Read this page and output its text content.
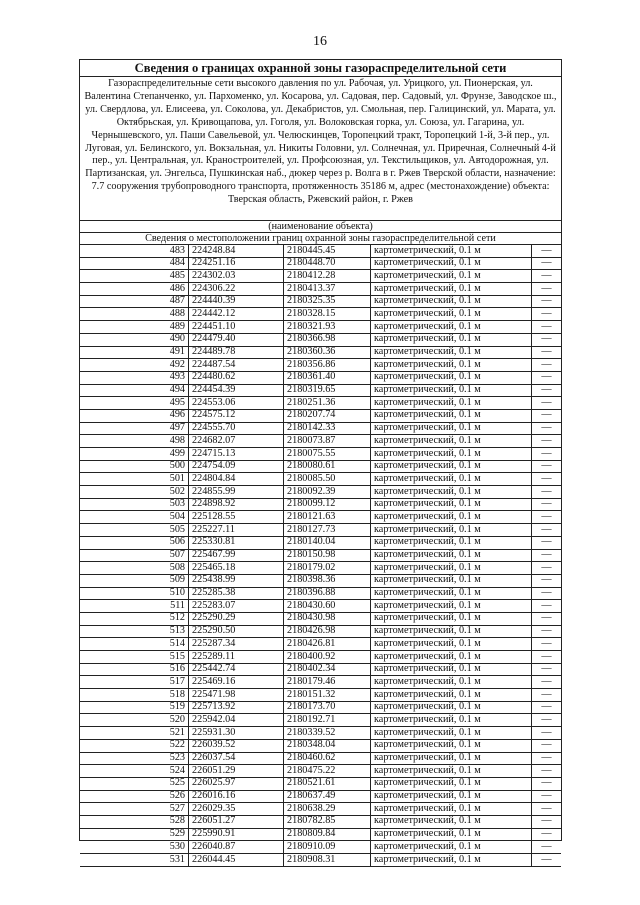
16
Сведения о границах охранной зоны газораспределительной сети
Газораспределительные сети высокого давления по ул. Рабочая, ул. Урицкого, ул. Пионерская, ул. Валентина Степанченко, ул. Пархоменко, ул. Косарова, ул. Садовая, пер. Садовый, ул. Фрунзе, Заводское ш., ул. Свердлова, ул. Елисеева, ул. Соколова, ул. Декабристов, ул. Смольная, пер. Галицинский, ул. Марата, ул. Октябрьская, ул. Кривощапова, ул. Гоголя, ул. Волоковская горка, ул. Союза, ул. Гагарина, ул. Чернышевского, ул. Паши Савельевой, ул. Челюскинцев, Торопецкий тракт, Торопецкий 1-й, 3-й пер., ул. Луговая, ул. Белинского, ул. Вокзальная, ул. Никиты Головни, ул. Солнечная, ул. Приречная, Солнечный 4-й пер., ул. Центральная, ул. Краностроителей, ул. Профсоюзная, ул. Текстильщиков, ул. Автодорожная, ул. Партизанская, ул. Энгельса, Пушкинская наб., дюкер через р. Волга в г. Ржев Тверской области, назначение: 7.7 сооружения трубопроводного транспорта, протяженность 35186 м, адрес (местонахождение) объекта: Тверская область, Ржевский район, г. Ржев
(наименование объекта)
Сведения о местоположении границ охранной зоны газораспределительной сети
483	224248.84	2180445.45	картометрический, 0.1 м	—
484	224251.16	2180448.70	картометрический, 0.1 м	—
485	224302.03	2180412.28	картометрический, 0.1 м	—
486	224306.22	2180413.37	картометрический, 0.1 м	—
487	224440.39	2180325.35	картометрический, 0.1 м	—
488	224442.12	2180328.15	картометрический, 0.1 м	—
489	224451.10	2180321.93	картометрический, 0.1 м	—
490	224479.40	2180366.98	картометрический, 0.1 м	—
491	224489.78	2180360.36	картометрический, 0.1 м	—
492	224487.54	2180356.86	картометрический, 0.1 м	—
493	224480.62	2180361.40	картометрический, 0.1 м	—
494	224454.39	2180319.65	картометрический, 0.1 м	—
495	224553.06	2180251.36	картометрический, 0.1 м	—
496	224575.12	2180207.74	картометрический, 0.1 м	—
497	224555.70	2180142.33	картометрический, 0.1 м	—
498	224682.07	2180073.87	картометрический, 0.1 м	—
499	224715.13	2180075.55	картометрический, 0.1 м	—
500	224754.09	2180080.61	картометрический, 0.1 м	—
501	224804.84	2180085.50	картометрический, 0.1 м	—
502	224855.99	2180092.39	картометрический, 0.1 м	—
503	224898.92	2180099.12	картометрический, 0.1 м	—
504	225128.55	2180121.63	картометрический, 0.1 м	—
505	225227.11	2180127.73	картометрический, 0.1 м	—
506	225330.81	2180140.04	картометрический, 0.1 м	—
507	225467.99	2180150.98	картометрический, 0.1 м	—
508	225465.18	2180179.02	картометрический, 0.1 м	—
509	225438.99	2180398.36	картометрический, 0.1 м	—
510	225285.38	2180396.88	картометрический, 0.1 м	—
511	225283.07	2180430.60	картометрический, 0.1 м	—
512	225290.29	2180430.98	картометрический, 0.1 м	—
513	225290.50	2180426.98	картометрический, 0.1 м	—
514	225287.34	2180426.81	картометрический, 0.1 м	—
515	225289.11	2180400.92	картометрический, 0.1 м	—
516	225442.74	2180402.34	картометрический, 0.1 м	—
517	225469.16	2180179.46	картометрический, 0.1 м	—
518	225471.98	2180151.32	картометрический, 0.1 м	—
519	225713.92	2180173.70	картометрический, 0.1 м	—
520	225942.04	2180192.71	картометрический, 0.1 м	—
521	225931.30	2180339.52	картометрический, 0.1 м	—
522	226039.52	2180348.04	картометрический, 0.1 м	—
523	226037.54	2180460.62	картометрический, 0.1 м	—
524	226051.29	2180475.22	картометрический, 0.1 м	—
525	226025.97	2180521.61	картометрический, 0.1 м	—
526	226016.16	2180637.49	картометрический, 0.1 м	—
527	226029.35	2180638.29	картометрический, 0.1 м	—
528	226051.27	2180782.85	картометрический, 0.1 м	—
529	225990.91	2180809.84	картометрический, 0.1 м	—
530	226040.87	2180910.09	картометрический, 0.1 м	—
531	226044.45	2180908.31	картометрический, 0.1 м	—
